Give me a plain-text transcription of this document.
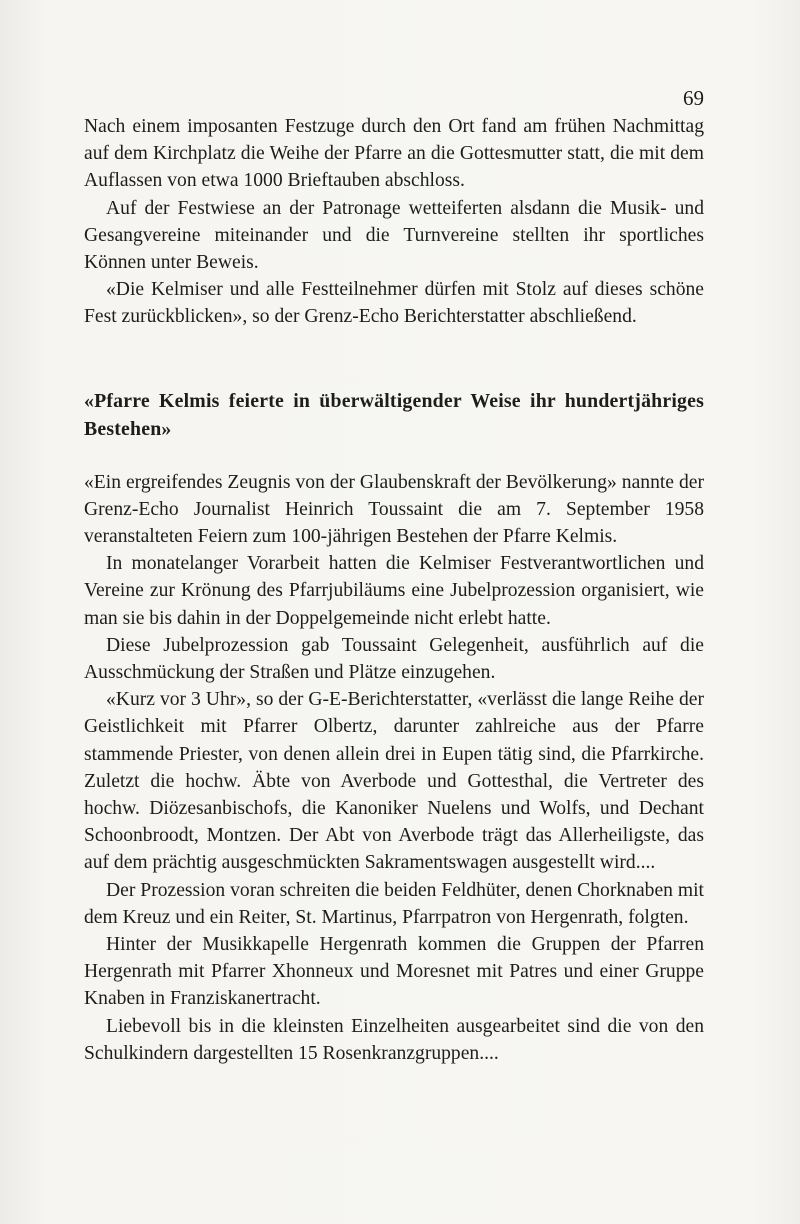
69

Nach einem imposanten Festzuge durch den Ort fand am frühen Nachmittag auf dem Kirchplatz die Weihe der Pfarre an die Gottesmutter statt, die mit dem Auflassen von etwa 1000 Brieftauben abschloss.

Auf der Festwiese an der Patronage wetteiferten alsdann die Musik- und Gesangvereine miteinander und die Turnvereine stellten ihr sportliches Können unter Beweis.

«Die Kelmiser und alle Festteilnehmer dürfen mit Stolz auf dieses schöne Fest zurückblicken», so der Grenz-Echo Berichterstatter abschließend.

«Pfarre Kelmis feierte in überwältigender Weise ihr hundertjähriges Bestehen»

«Ein ergreifendes Zeugnis von der Glaubenskraft der Bevölkerung» nannte der Grenz-Echo Journalist Heinrich Toussaint die am 7. September 1958 veranstalteten Feiern zum 100-jährigen Bestehen der Pfarre Kelmis.

In monatelanger Vorarbeit hatten die Kelmiser Festverantwortlichen und Vereine zur Krönung des Pfarrjubiläums eine Jubelprozession organisiert, wie man sie bis dahin in der Doppelgemeinde nicht erlebt hatte.

Diese Jubelprozession gab Toussaint Gelegenheit, ausführlich auf die Ausschmückung der Straßen und Plätze einzugehen.

«Kurz vor 3 Uhr», so der G-E-Berichterstatter, «verlässt die lange Reihe der Geistlichkeit mit Pfarrer Olbertz, darunter zahlreiche aus der Pfarre stammende Priester, von denen allein drei in Eupen tätig sind, die Pfarrkirche. Zuletzt die hochw. Äbte von Averbode und Gottesthal, die Vertreter des hochw. Diözesanbischofs, die Kanoniker Nuelens und Wolfs, und Dechant Schoonbroodt, Montzen. Der Abt von Averbode trägt das Allerheiligste, das auf dem prächtig ausgeschmückten Sakramentswagen ausgestellt wird....

Der Prozession voran schreiten die beiden Feldhüter, denen Chorknaben mit dem Kreuz und ein Reiter, St. Martinus, Pfarrpatron von Hergenrath, folgten.

Hinter der Musikkapelle Hergenrath kommen die Gruppen der Pfarren Hergenrath mit Pfarrer Xhonneux und Moresnet mit Patres und einer Gruppe Knaben in Franziskanertracht.

Liebevoll bis in die kleinsten Einzelheiten ausgearbeitet sind die von den Schulkindern dargestellten 15 Rosenkranzgruppen....
